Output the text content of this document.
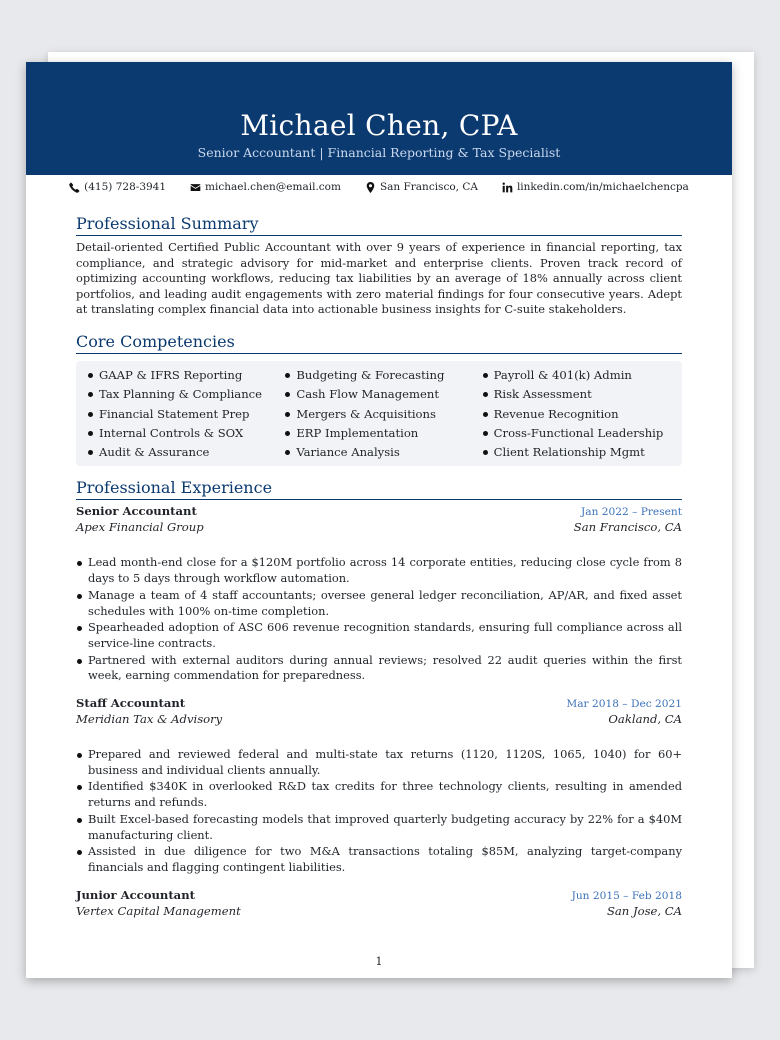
Michael Chen, CPA
Senior Accountant | Financial Reporting & Tax Specialist
(415) 728-3941	michael.chen@email.com	San Francisco, CA	linkedin.com/in/michaelchencpa
Professional Summary
Detail-oriented Certified Public Accountant with over 9 years of experience in financial reporting, tax compliance, and strategic advisory for mid-market and enterprise clients. Proven track record of optimizing accounting workflows, reducing tax liabilities by an average of 18% annually across client portfolios, and leading audit engagements with zero material findings for four consecutive years. Adept at translating complex financial data into actionable business insights for C-suite stakeholders.
Core Competencies
GAAP & IFRS Reporting
Tax Planning & Compliance
Financial Statement Prep
Internal Controls & SOX
Audit & Assurance
Budgeting & Forecasting
Cash Flow Management
Mergers & Acquisitions
ERP Implementation
Variance Analysis
Payroll & 401(k) Admin
Risk Assessment
Revenue Recognition
Cross-Functional Leadership
Client Relationship Mgmt
Professional Experience
Senior Accountant	Jan 2022 – Present
Apex Financial Group	San Francisco, CA
Lead month-end close for a $120M portfolio across 14 corporate entities, reducing close cycle from 8 days to 5 days through workflow automation.
Manage a team of 4 staff accountants; oversee general ledger reconciliation, AP/AR, and fixed asset schedules with 100% on-time completion.
Spearheaded adoption of ASC 606 revenue recognition standards, ensuring full compliance across all service-line contracts.
Partnered with external auditors during annual reviews; resolved 22 audit queries within the first week, earning commendation for preparedness.
Staff Accountant	Mar 2018 – Dec 2021
Meridian Tax & Advisory	Oakland, CA
Prepared and reviewed federal and multi-state tax returns (1120, 1120S, 1065, 1040) for 60+ business and individual clients annually.
Identified $340K in overlooked R&D tax credits for three technology clients, resulting in amended returns and refunds.
Built Excel-based forecasting models that improved quarterly budgeting accuracy by 22% for a $40M manufacturing client.
Assisted in due diligence for two M&A transactions totaling $85M, analyzing target-company financials and flagging contingent liabilities.
Junior Accountant	Jun 2015 – Feb 2018
Vertex Capital Management	San Jose, CA
1
